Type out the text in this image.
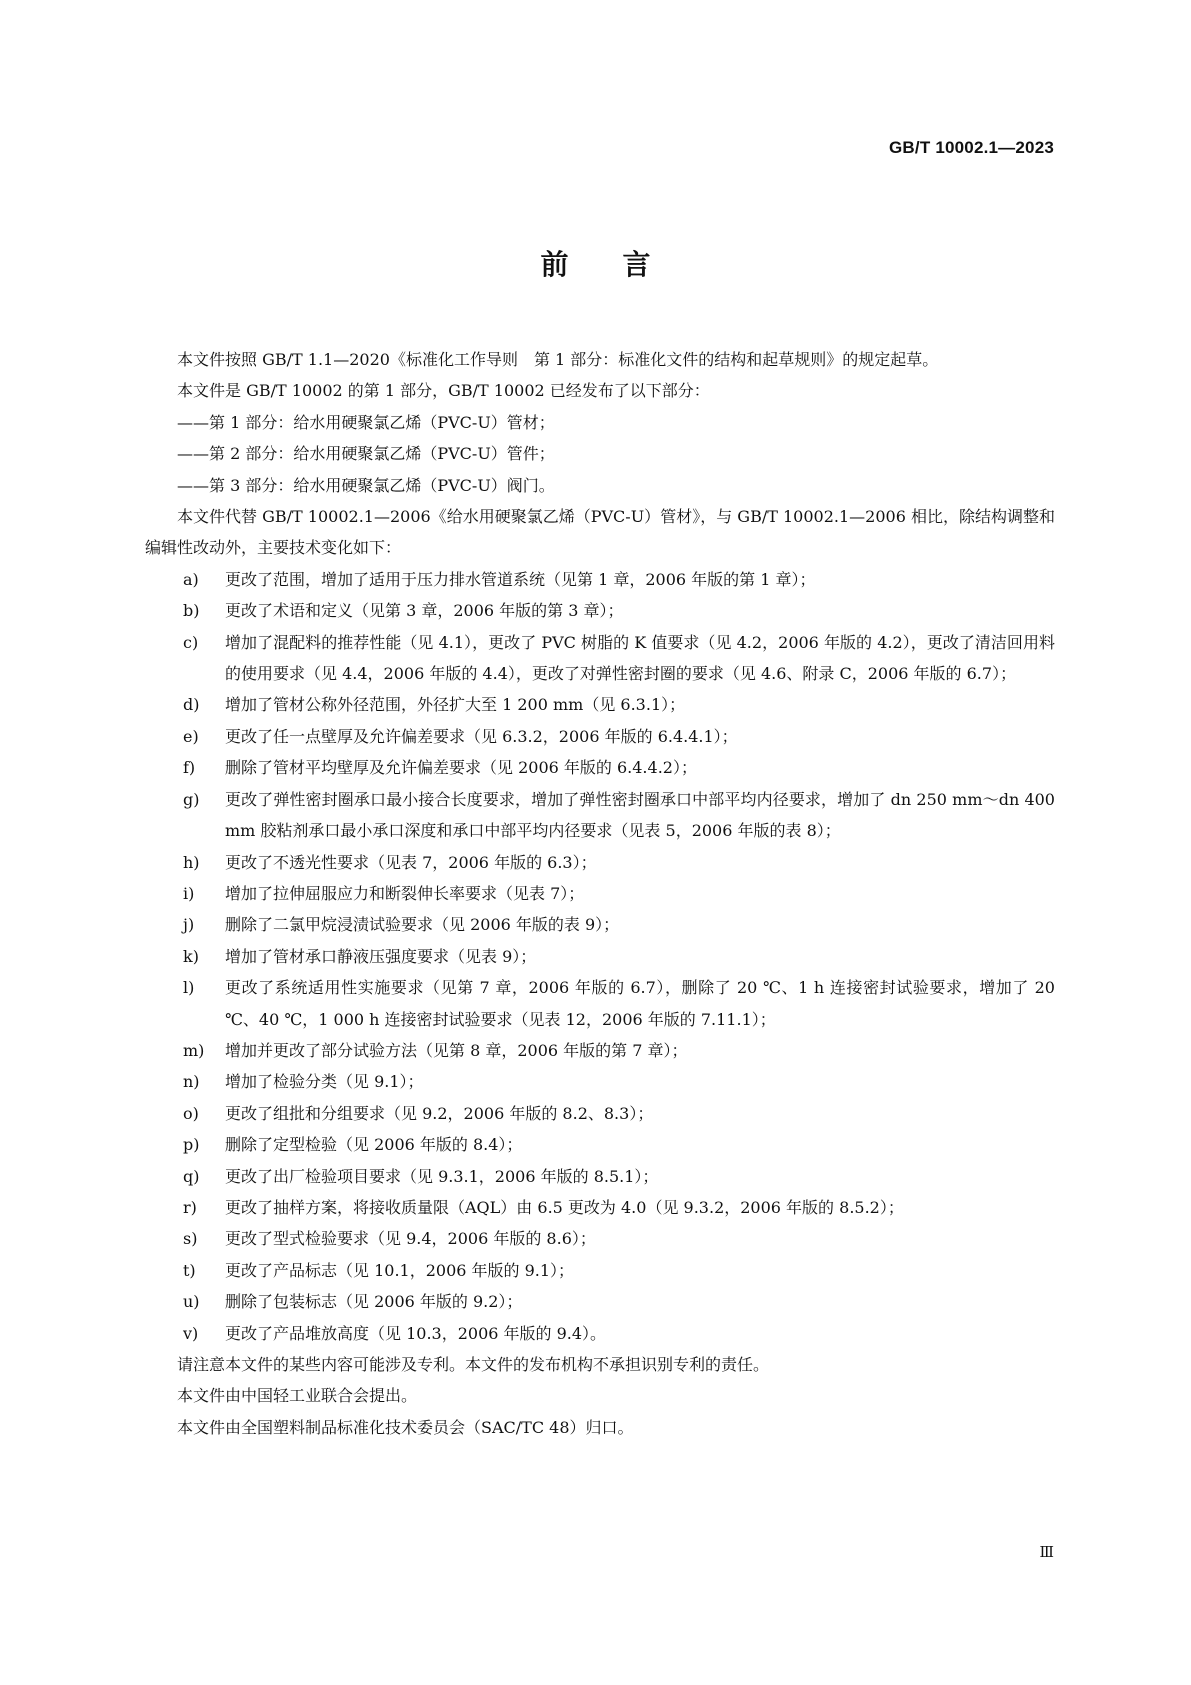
GB/T 10002.1—2023
前 言

本文件按照 GB/T 1.1—2020《标准化工作导则　第 1 部分：标准化文件的结构和起草规则》的规定起草。

本文件是 GB/T 10002 的第 1 部分，GB/T 10002 已经发布了以下部分：

——第 1 部分：给水用硬聚氯乙烯（PVC-U）管材；

——第 2 部分：给水用硬聚氯乙烯（PVC-U）管件；

——第 3 部分：给水用硬聚氯乙烯（PVC-U）阀门。

本文件代替 GB/T 10002.1—2006《给水用硬聚氯乙烯（PVC-U）管材》，与 GB/T 10002.1—2006 相比，除结构调整和编辑性改动外，主要技术变化如下：

a) 更改了范围，增加了适用于压力排水管道系统（见第 1 章，2006 年版的第 1 章）；
b) 更改了术语和定义（见第 3 章，2006 年版的第 3 章）；
c) 增加了混配料的推荐性能（见 4.1），更改了 PVC 树脂的 K 值要求（见 4.2，2006 年版的 4.2），更改了清洁回用料的使用要求（见 4.4，2006 年版的 4.4），更改了对弹性密封圈的要求（见 4.6、附录 C，2006 年版的 6.7）；
d) 增加了管材公称外径范围，外径扩大至 1 200 mm（见 6.3.1）；
e) 更改了任一点壁厚及允许偏差要求（见 6.3.2，2006 年版的 6.4.4.1）；
f) 删除了管材平均壁厚及允许偏差要求（见 2006 年版的 6.4.4.2）；
g) 更改了弹性密封圈承口最小接合长度要求，增加了弹性密封圈承口中部平均内径要求，增加了 dn 250 mm～dn 400 mm 胶粘剂承口最小承口深度和承口中部平均内径要求（见表 5，2006 年版的表 8）；
h) 更改了不透光性要求（见表 7，2006 年版的 6.3）；
i) 增加了拉伸屈服应力和断裂伸长率要求（见表 7）；
j) 删除了二氯甲烷浸渍试验要求（见 2006 年版的表 9）；
k) 增加了管材承口静液压强度要求（见表 9）；
l) 更改了系统适用性实施要求（见第 7 章，2006 年版的 6.7），删除了 20 ℃、1 h 连接密封试验要求，增加了 20 ℃、40 ℃，1 000 h 连接密封试验要求（见表 12，2006 年版的 7.11.1）；
m) 增加并更改了部分试验方法（见第 8 章，2006 年版的第 7 章）；
n) 增加了检验分类（见 9.1）；
o) 更改了组批和分组要求（见 9.2，2006 年版的 8.2、8.3）；
p) 删除了定型检验（见 2006 年版的 8.4）；
q) 更改了出厂检验项目要求（见 9.3.1，2006 年版的 8.5.1）；
r) 更改了抽样方案，将接收质量限（AQL）由 6.5 更改为 4.0（见 9.3.2，2006 年版的 8.5.2）；
s) 更改了型式检验要求（见 9.4，2006 年版的 8.6）；
t) 更改了产品标志（见 10.1，2006 年版的 9.1）；
u) 删除了包装标志（见 2006 年版的 9.2）；
v) 更改了产品堆放高度（见 10.3，2006 年版的 9.4）。

请注意本文件的某些内容可能涉及专利。本文件的发布机构不承担识别专利的责任。

本文件由中国轻工业联合会提出。

本文件由全国塑料制品标准化技术委员会（SAC/TC 48）归口。

Ⅲ
